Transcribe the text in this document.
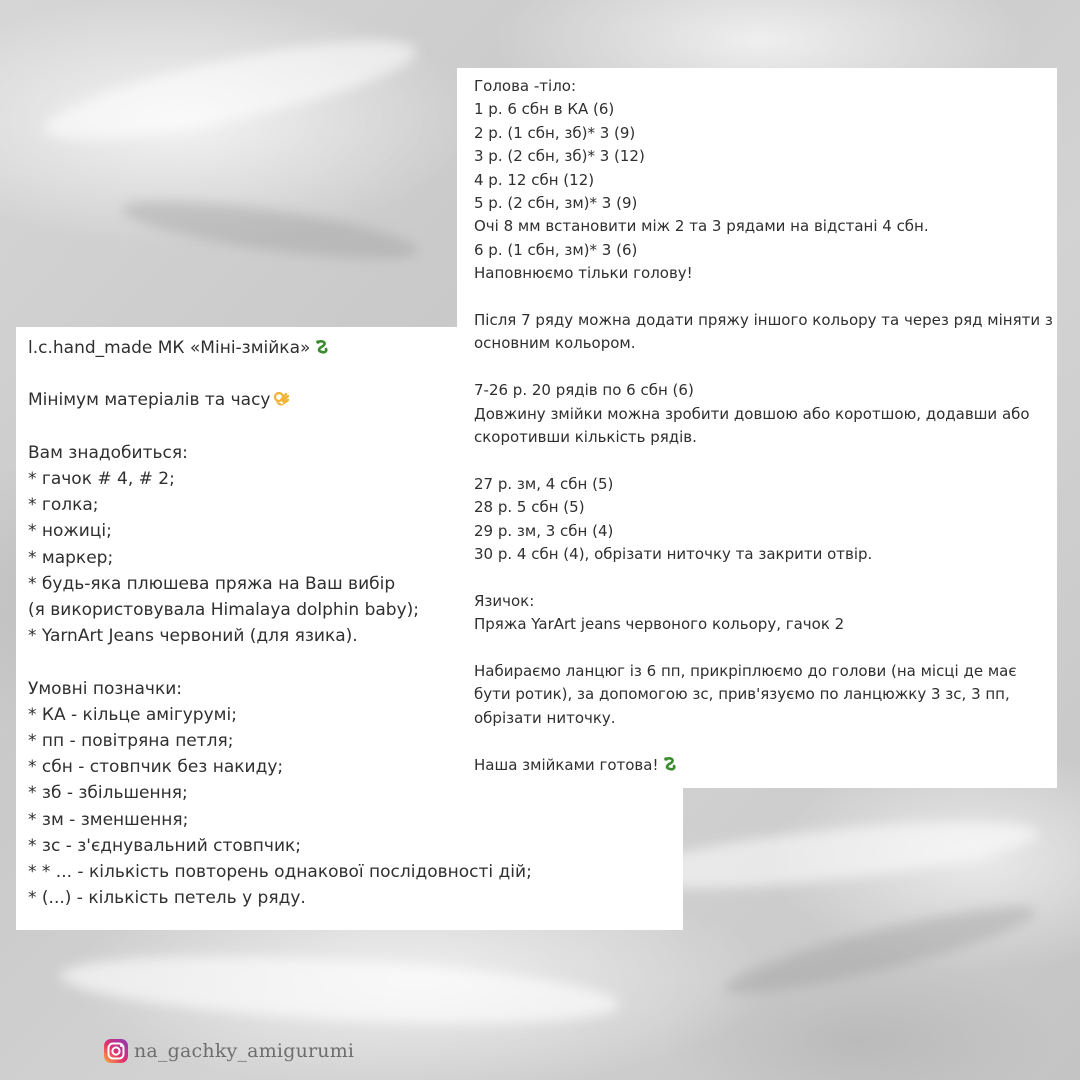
l.c.hand_made МК «Міні-змійка»
Мінімум матеріалів та часу
Вам знадобиться:
* гачок # 4, # 2;
* голка;
* ножиці;
* маркер;
* будь-яка плюшева пряжа на Ваш вибір
(я використовувала Himalaya dolphin baby);
* YarnArt Jeans червоний (для язика).
Умовні позначки:
* КА - кільце амігурумі;
* пп - повітряна петля;
* сбн - стовпчик без накиду;
* зб - збільшення;
* зм - зменшення;
* зс - з'єднувальний стовпчик;
* * ... - кількість повторень однакової послідовності дій;
* (...) - кількість петель у ряду.
Голова -тіло:
1 р. 6 сбн в КА (6)
2 р. (1 сбн, зб)* 3 (9)
3 р. (2 сбн, зб)* 3 (12)
4 р. 12 сбн (12)
5 р. (2 сбн, зм)* 3 (9)
Очі 8 мм встановити між 2 та 3 рядами на відстані 4 сбн.
6 р. (1 сбн, зм)* 3 (6)
Наповнюємо тільки голову!
Після 7 ряду можна додати пряжу іншого кольору та через ряд міняти з
основним кольором.
7-26 р. 20 рядів по 6 сбн (6)
Довжину змійки можна зробити довшою або коротшою, додавши або
скоротивши кількість рядів.
27 р. зм, 4 сбн (5)
28 р. 5 сбн (5)
29 р. зм, 3 сбн (4)
30 р. 4 сбн (4), обрізати ниточку та закрити отвір.
Язичок:
Пряжа YarArt jeans червоного кольору, гачок 2
Набираємо ланцюг із 6 пп, прикріплюємо до голови (на місці де має
бути ротик), за допомогою зс, прив'язуємо по ланцюжку 3 зс, 3 пп,
обрізати ниточку.
Наша змійками готова!
na_gachky_amigurumi
